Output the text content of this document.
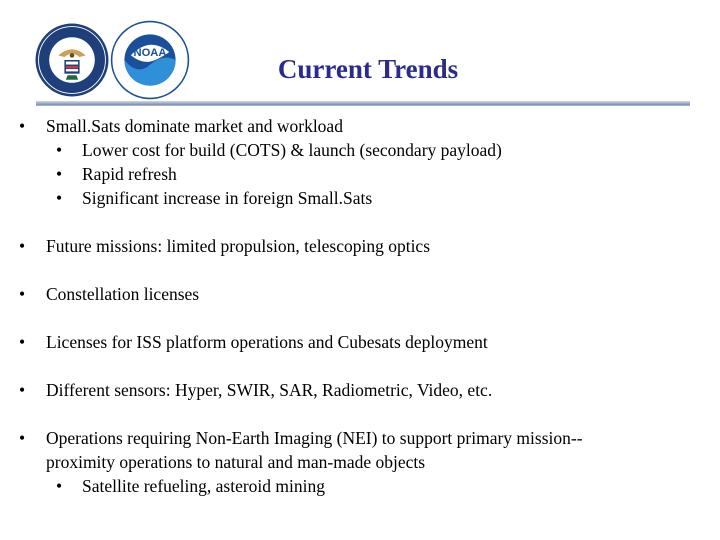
NOAA
Current Trends
• Small.Sats dominate market and workload
• Lower cost for build (COTS) & launch (secondary payload)
• Rapid refresh
• Significant increase in foreign Small.Sats
• Future missions: limited propulsion, telescoping optics
• Constellation licenses
• Licenses for ISS platform operations and Cubesats deployment
• Different sensors: Hyper, SWIR, SAR, Radiometric, Video, etc.
• Operations requiring Non-Earth Imaging (NEI) to support primary mission--
proximity operations to natural and man-made objects
• Satellite refueling, asteroid mining
